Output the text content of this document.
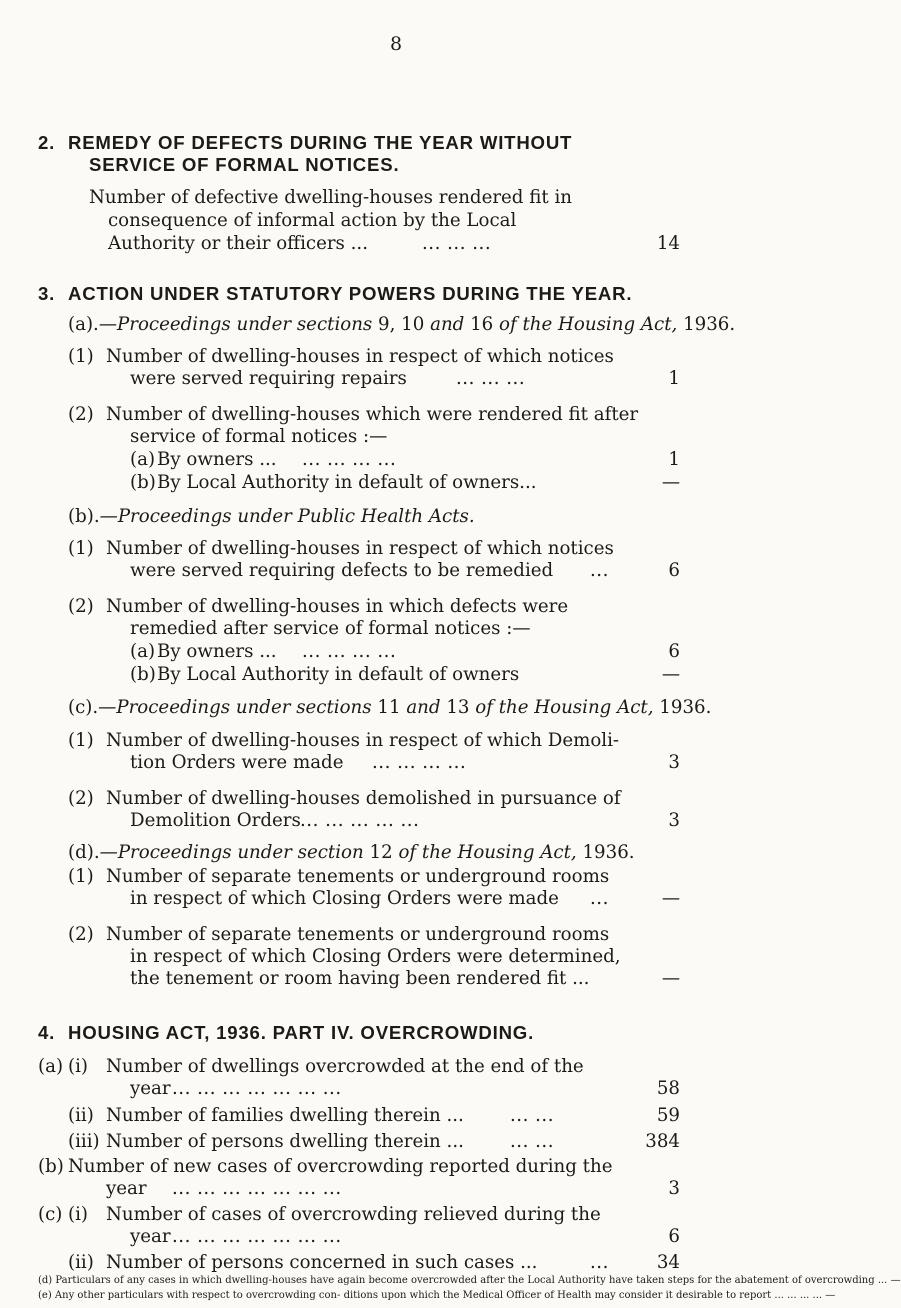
8
2. REMEDY OF DEFECTS DURING THE YEAR WITHOUT
SERVICE OF FORMAL NOTICES.
Number of defective dwelling-houses rendered fit in
consequence of informal action by the Local
Authority or their officers ...	... ... ...	14
3. ACTION UNDER STATUTORY POWERS DURING THE YEAR.
(a).—Proceedings under sections 9, 10 and 16 of the Housing Act, 1936.
(1) Number of dwelling-houses in respect of which notices
were served requiring repairs	... ... ...	1
(2) Number of dwelling-houses which were rendered fit after
service of formal notices :—
(a) By owners ... ... ... ... ...	1
(b) By Local Authority in default of owners...	—
(b).—Proceedings under Public Health Acts.
(1) Number of dwelling-houses in respect of which notices
were served requiring defects to be remedied ...	6
(2) Number of dwelling-houses in which defects were
remedied after service of formal notices :—
(a) By owners ... ... ... ... ...	6
(b) By Local Authority in default of owners	—
(c).—Proceedings under sections 11 and 13 of the Housing Act, 1936.
(1) Number of dwelling-houses in respect of which Demoli-
tion Orders were made ... ... ... ...	3
(2) Number of dwelling-houses demolished in pursuance of
Demolition Orders ... ... ... ... ...	3
(d).—Proceedings under section 12 of the Housing Act, 1936.
(1) Number of separate tenements or underground rooms
in respect of which Closing Orders were made ...	—
(2) Number of separate tenements or underground rooms
in respect of which Closing Orders were determined,
the tenement or room having been rendered fit ...	—
4. HOUSING ACT, 1936. PART IV. OVERCROWDING.
(a) (i) Number of dwellings overcrowded at the end of the
year ... ... ... ... ... ... ...	58
(ii) Number of families dwelling therein ...	... ...	59
(iii) Number of persons dwelling therein ...	... ...	384
(b) Number of new cases of overcrowding reported during the
year ... ... ... ... ... ... ...	3
(c) (i) Number of cases of overcrowding relieved during the
year ... ... ... ... ... ... ...	6
(ii) Number of persons concerned in such cases ...	...	34
(d) Particulars of any cases in which dwelling-houses have again become overcrowded after the Local Authority have taken steps for the abatement of overcrowding ... —
(e) Any other particulars with respect to overcrowding con- ditions upon which the Medical Officer of Health may consider it desirable to report ... ... ... ... —
